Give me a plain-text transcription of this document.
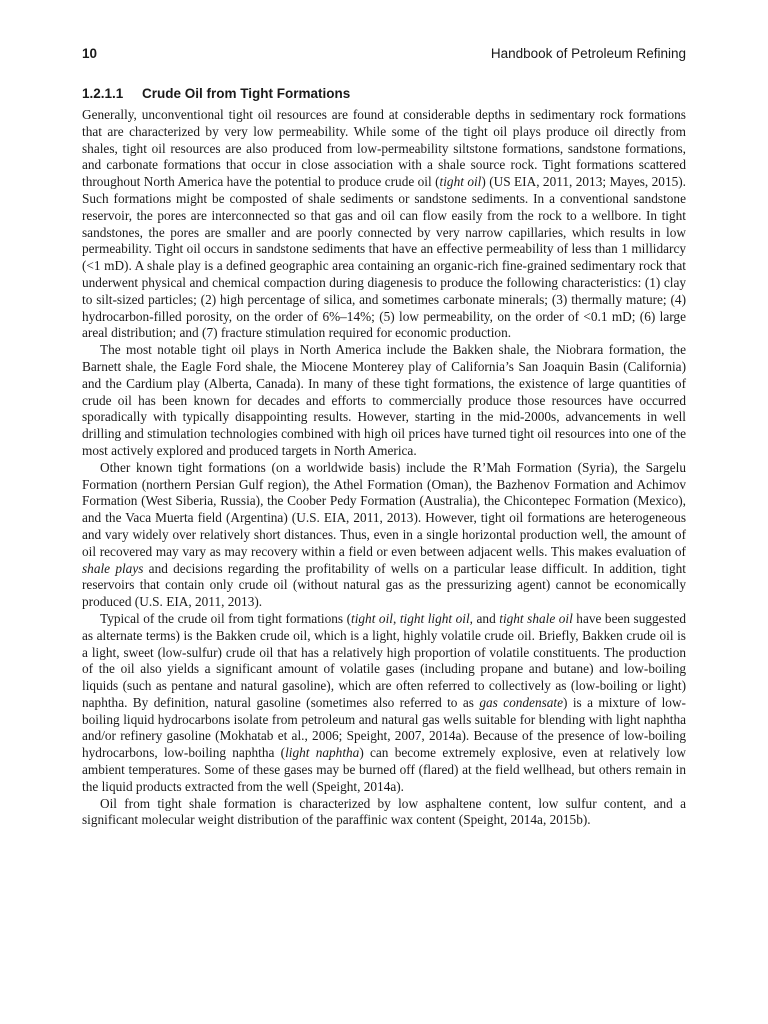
10	Handbook of Petroleum Refining
1.2.1.1 Crude Oil from Tight Formations

Generally, unconventional tight oil resources are found at considerable depths in sedimentary rock formations that are characterized by very low permeability. While some of the tight oil plays produce oil directly from shales, tight oil resources are also produced from low-permeability siltstone formations, sandstone formations, and carbonate formations that occur in close association with a shale source rock. Tight formations scattered throughout North America have the potential to produce crude oil (tight oil) (US EIA, 2011, 2013; Mayes, 2015). Such formations might be composted of shale sediments or sandstone sediments. In a conventional sandstone reservoir, the pores are interconnected so that gas and oil can flow easily from the rock to a wellbore. In tight sandstones, the pores are smaller and are poorly connected by very narrow capillaries, which results in low permeability. Tight oil occurs in sandstone sediments that have an effective permeability of less than 1 millidarcy (<1 mD). A shale play is a defined geographic area containing an organic-rich fine-grained sedimentary rock that underwent physical and chemical compaction during diagenesis to produce the following characteristics: (1) clay to silt-sized particles; (2) high percentage of silica, and sometimes carbonate minerals; (3) thermally mature; (4) hydrocarbon-filled porosity, on the order of 6%–14%; (5) low permeability, on the order of <0.1 mD; (6) large areal distribution; and (7) fracture stimulation required for economic production.

The most notable tight oil plays in North America include the Bakken shale, the Niobrara formation, the Barnett shale, the Eagle Ford shale, the Miocene Monterey play of California’s San Joaquin Basin (California) and the Cardium play (Alberta, Canada). In many of these tight formations, the existence of large quantities of crude oil has been known for decades and efforts to commercially produce those resources have occurred sporadically with typically disappointing results. However, starting in the mid-2000s, advancements in well drilling and stimulation technologies combined with high oil prices have turned tight oil resources into one of the most actively explored and produced targets in North America.

Other known tight formations (on a worldwide basis) include the R’Mah Formation (Syria), the Sargelu Formation (northern Persian Gulf region), the Athel Formation (Oman), the Bazhenov Formation and Achimov Formation (West Siberia, Russia), the Coober Pedy Formation (Australia), the Chicontepec Formation (Mexico), and the Vaca Muerta field (Argentina) (U.S. EIA, 2011, 2013). However, tight oil formations are heterogeneous and vary widely over relatively short distances. Thus, even in a single horizontal production well, the amount of oil recovered may vary as may recovery within a field or even between adjacent wells. This makes evaluation of shale plays and decisions regarding the profitability of wells on a particular lease difficult. In addition, tight reservoirs that contain only crude oil (without natural gas as the pressurizing agent) cannot be economically produced (U.S. EIA, 2011, 2013).

Typical of the crude oil from tight formations (tight oil, tight light oil, and tight shale oil have been suggested as alternate terms) is the Bakken crude oil, which is a light, highly volatile crude oil. Briefly, Bakken crude oil is a light, sweet (low-sulfur) crude oil that has a relatively high proportion of volatile constituents. The production of the oil also yields a significant amount of volatile gases (including propane and butane) and low-boiling liquids (such as pentane and natural gasoline), which are often referred to collectively as (low-boiling or light) naphtha. By definition, natural gasoline (sometimes also referred to as gas condensate) is a mixture of low-boiling liquid hydrocarbons isolate from petroleum and natural gas wells suitable for blending with light naphtha and/or refinery gasoline (Mokhatab et al., 2006; Speight, 2007, 2014a). Because of the presence of low-boiling hydrocarbons, low-boiling naphtha (light naphtha) can become extremely explosive, even at relatively low ambient temperatures. Some of these gases may be burned off (flared) at the field wellhead, but others remain in the liquid products extracted from the well (Speight, 2014a).

Oil from tight shale formation is characterized by low asphaltene content, low sulfur content, and a significant molecular weight distribution of the paraffinic wax content (Speight, 2014a, 2015b).
